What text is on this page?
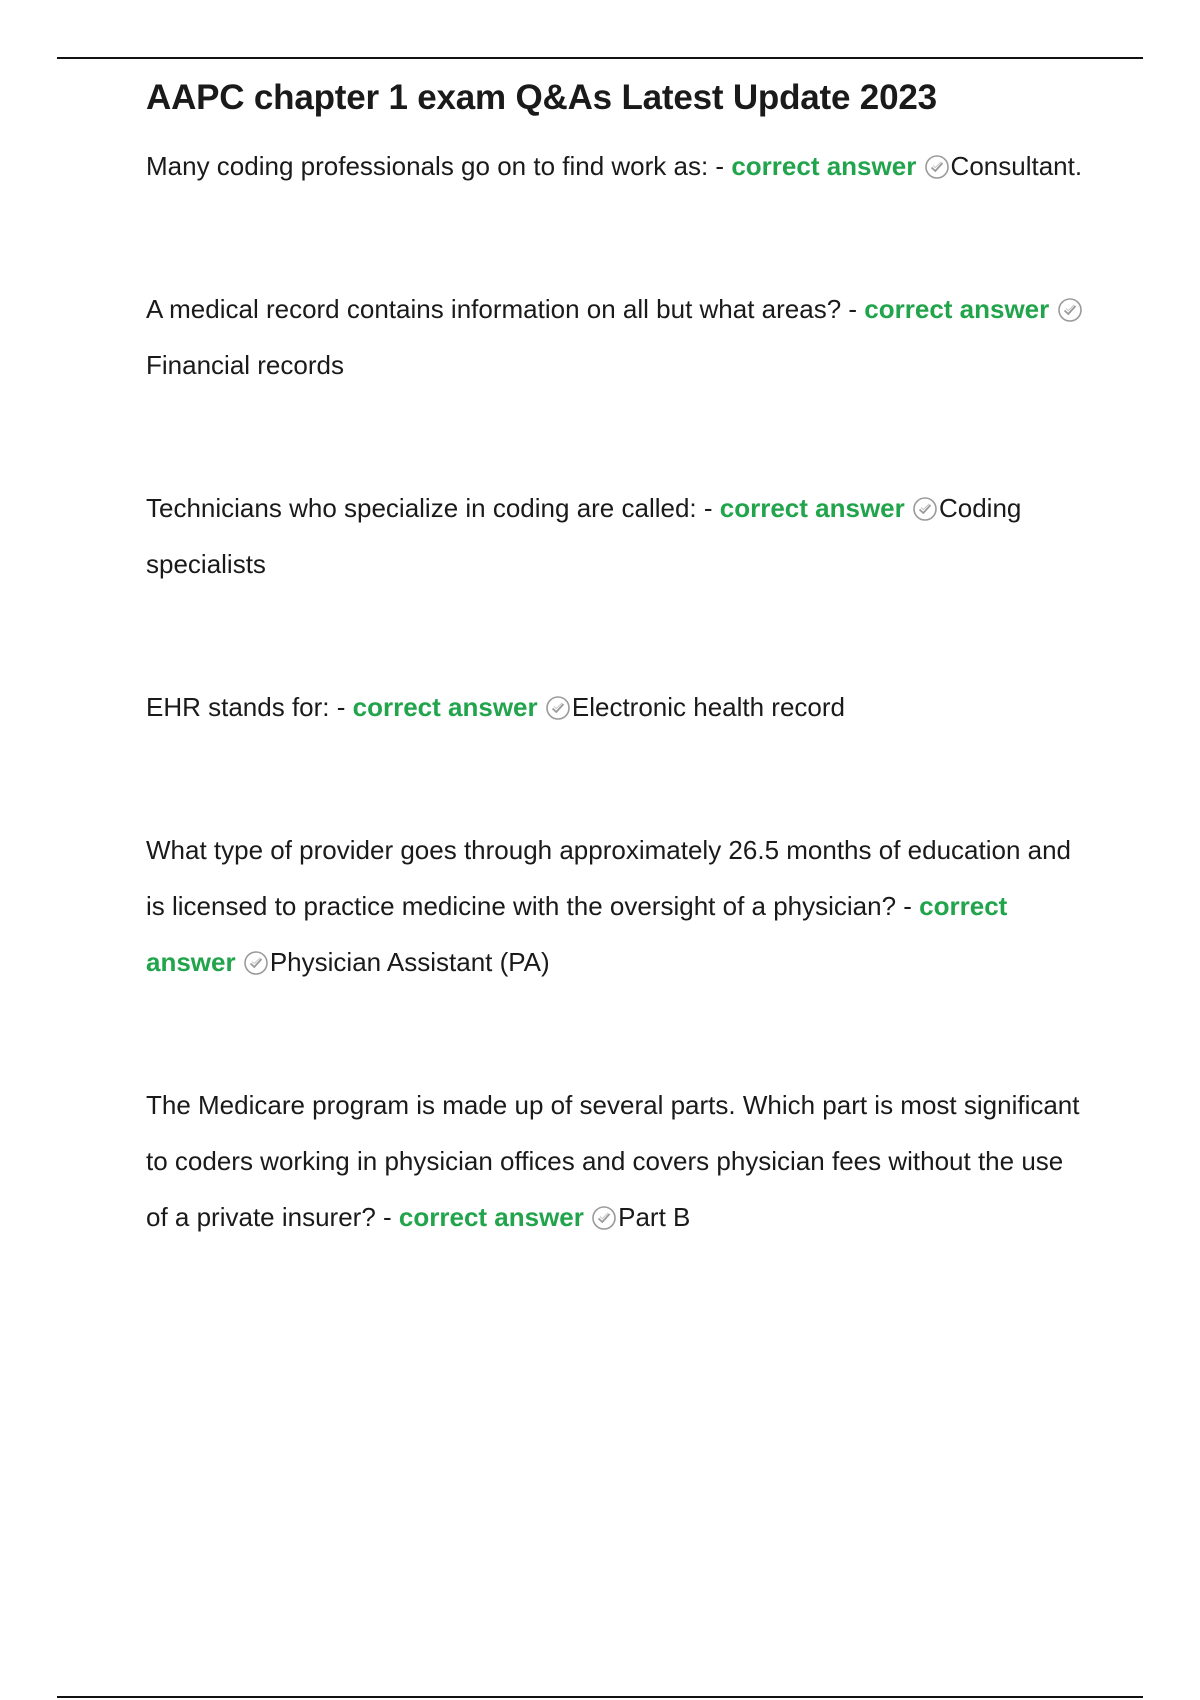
AAPC chapter 1 exam Q&As Latest Update 2023

Many coding professionals go on to find work as: - correct answer Consultant.

A medical record contains information on all but what areas? - correct answer
Financial records

Technicians who specialize in coding are called: - correct answer Coding specialists

EHR stands for: - correct answer Electronic health record

What type of provider goes through approximately 26.5 months of education and is licensed to practice medicine with the oversight of a physician? - correct answer Physician Assistant (PA)

The Medicare program is made up of several parts. Which part is most significant to coders working in physician offices and covers physician fees without the use of a private insurer? - correct answer Part B
